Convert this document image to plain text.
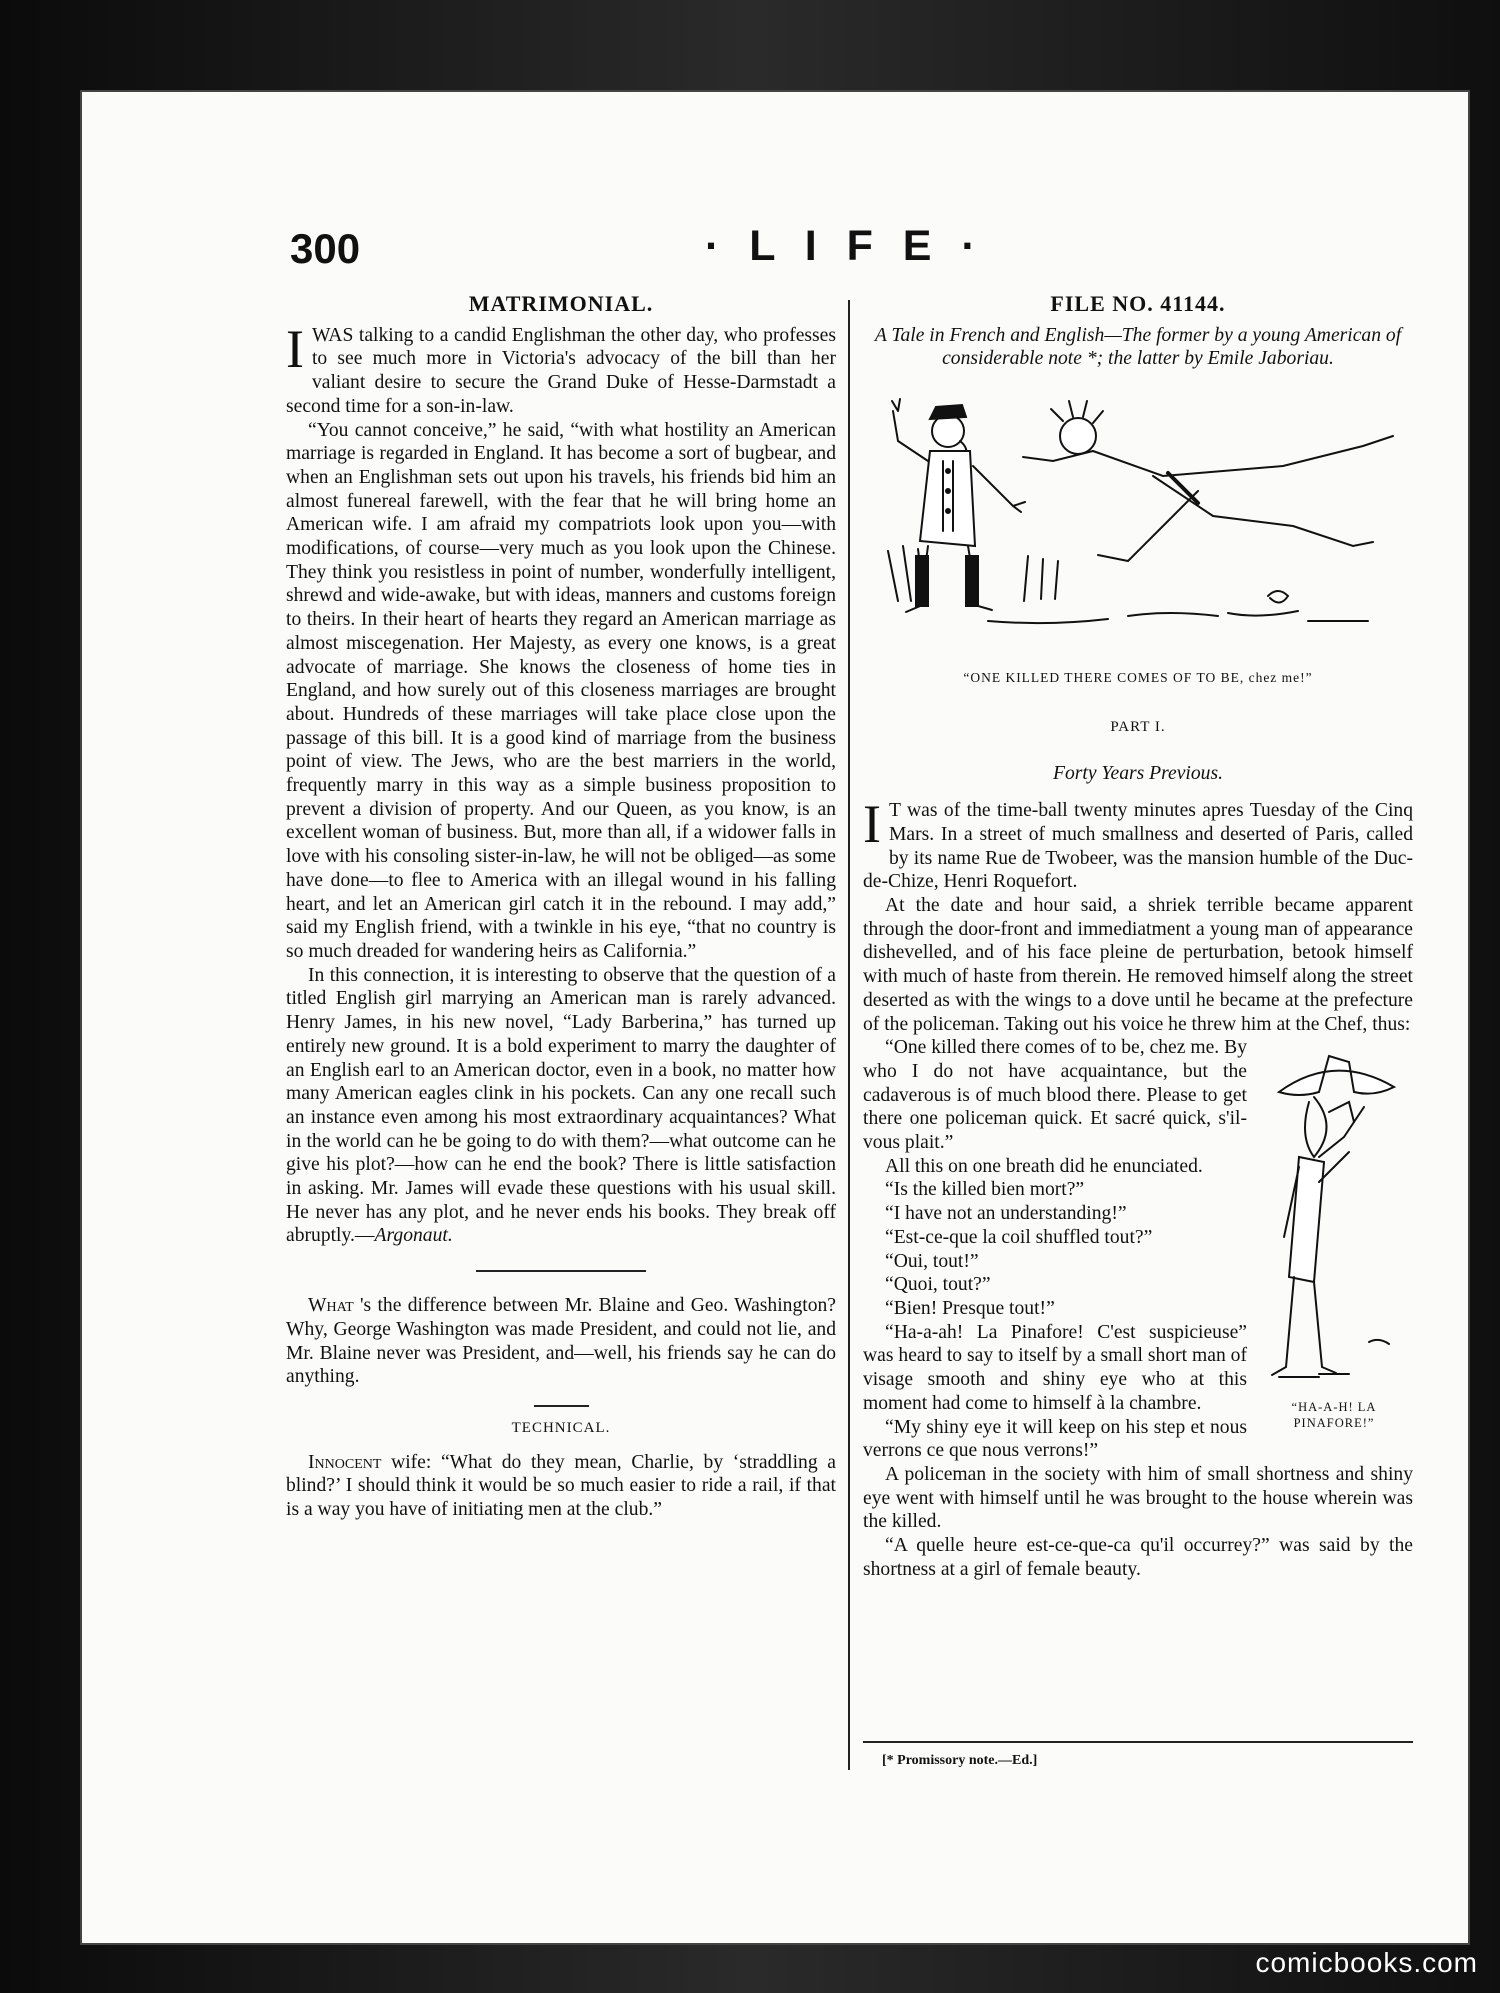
300	· L I F E ·
MATRIMONIAL.

IWAS talking to a candid Englishman the other day, who professes to see much more in Victoria's advocacy of the bill than her valiant desire to secure the Grand Duke of Hesse-Darmstadt a second time for a son-in-law.

“You cannot conceive,” he said, “with what hostility an American marriage is regarded in England. It has become a sort of bugbear, and when an Englishman sets out upon his travels, his friends bid him an almost funereal farewell, with the fear that he will bring home an American wife. I am afraid my compatriots look upon you—with modifications, of course—very much as you look upon the Chinese. They think you resistless in point of number, wonderfully intelligent, shrewd and wide-awake, but with ideas, manners and customs foreign to theirs. In their heart of hearts they regard an American marriage as almost miscegenation. Her Majesty, as every one knows, is a great advocate of marriage. She knows the closeness of home ties in England, and how surely out of this closeness marriages are brought about. Hundreds of these marriages will take place close upon the passage of this bill. It is a good kind of marriage from the business point of view. The Jews, who are the best marriers in the world, frequently marry in this way as a simple business proposition to prevent a division of property. And our Queen, as you know, is an excellent woman of business. But, more than all, if a widower falls in love with his consoling sister-in-law, he will not be obliged—as some have done—to flee to America with an illegal wound in his falling heart, and let an American girl catch it in the rebound. I may add,” said my English friend, with a twinkle in his eye, “that no country is so much dreaded for wandering heirs as California.”

In this connection, it is interesting to observe that the question of a titled English girl marrying an American man is rarely advanced. Henry James, in his new novel, “Lady Barberina,” has turned up entirely new ground. It is a bold experiment to marry the daughter of an English earl to an American doctor, even in a book, no matter how many American eagles clink in his pockets. Can any one recall such an instance even among his most extraordinary acquaintances? What in the world can he be going to do with them?—what outcome can he give his plot?—how can he end the book? There is little satisfaction in asking. Mr. James will evade these questions with his usual skill. He never has any plot, and he never ends his books. They break off abruptly.—Argonaut.

What 's the difference between Mr. Blaine and Geo. Washington? Why, George Washington was made President, and could not lie, and Mr. Blaine never was President, and—well, his friends say he can do anything.

TECHNICAL.

Innocent wife: “What do they mean, Charlie, by ‘straddling a blind?’ I should think it would be so much easier to ride a rail, if that is a way you have of initiating men at the club.”

FILE NO. 41144.
A Tale in French and English—The former by a young American of considerable note *; the latter by Emile Jaboriau.
“ONE KILLED THERE COMES OF TO BE, chez me!”
PART I.
Forty Years Previous.

I T was of the time-ball twenty minutes apres Tuesday of the Cinq Mars. In a street of much smallness and deserted of Paris, called by its name Rue de Twobeer, was the mansion humble of the Duc-de-Chize, Henri Roquefort.

At the date and hour said, a shriek terrible became apparent through the door-front and immediatment a young man of appearance dishevelled, and of his face pleine de perturbation, betook himself with much of haste from therein. He removed himself along the street deserted as with the wings to a dove until he became at the prefecture of the policeman. Taking out his voice he threw him at the Chef, thus:

“HA-A-H! LA PINAFORE!”

“One killed there comes of to be, chez me. By who I do not have acquaintance, but the cadaverous is of much blood there. Please to get there one policeman quick. Et sacré quick, s'il-vous plait.”

All this on one breath did he enunciated.

“Is the killed bien mort?”

“I have not an understanding!”

“Est-ce-que la coil shuffled tout?”

“Oui, tout!”

“Quoi, tout?”

“Bien! Presque tout!”

“Ha-a-ah! La Pinafore! C'est suspicieuse” was heard to say to itself by a small short man of visage smooth and shiny eye who at this moment had come to himself à la chambre.

“My shiny eye it will keep on his step et nous verrons ce que nous verrons!”

A policeman in the society with him of small shortness and shiny eye went with himself until he was brought to the house wherein was the killed.

“A quelle heure est-ce-que-ca qu'il occurrey?” was said by the shortness at a girl of female beauty.

[* Promissory note.—Ed.]
comicbooks.com
